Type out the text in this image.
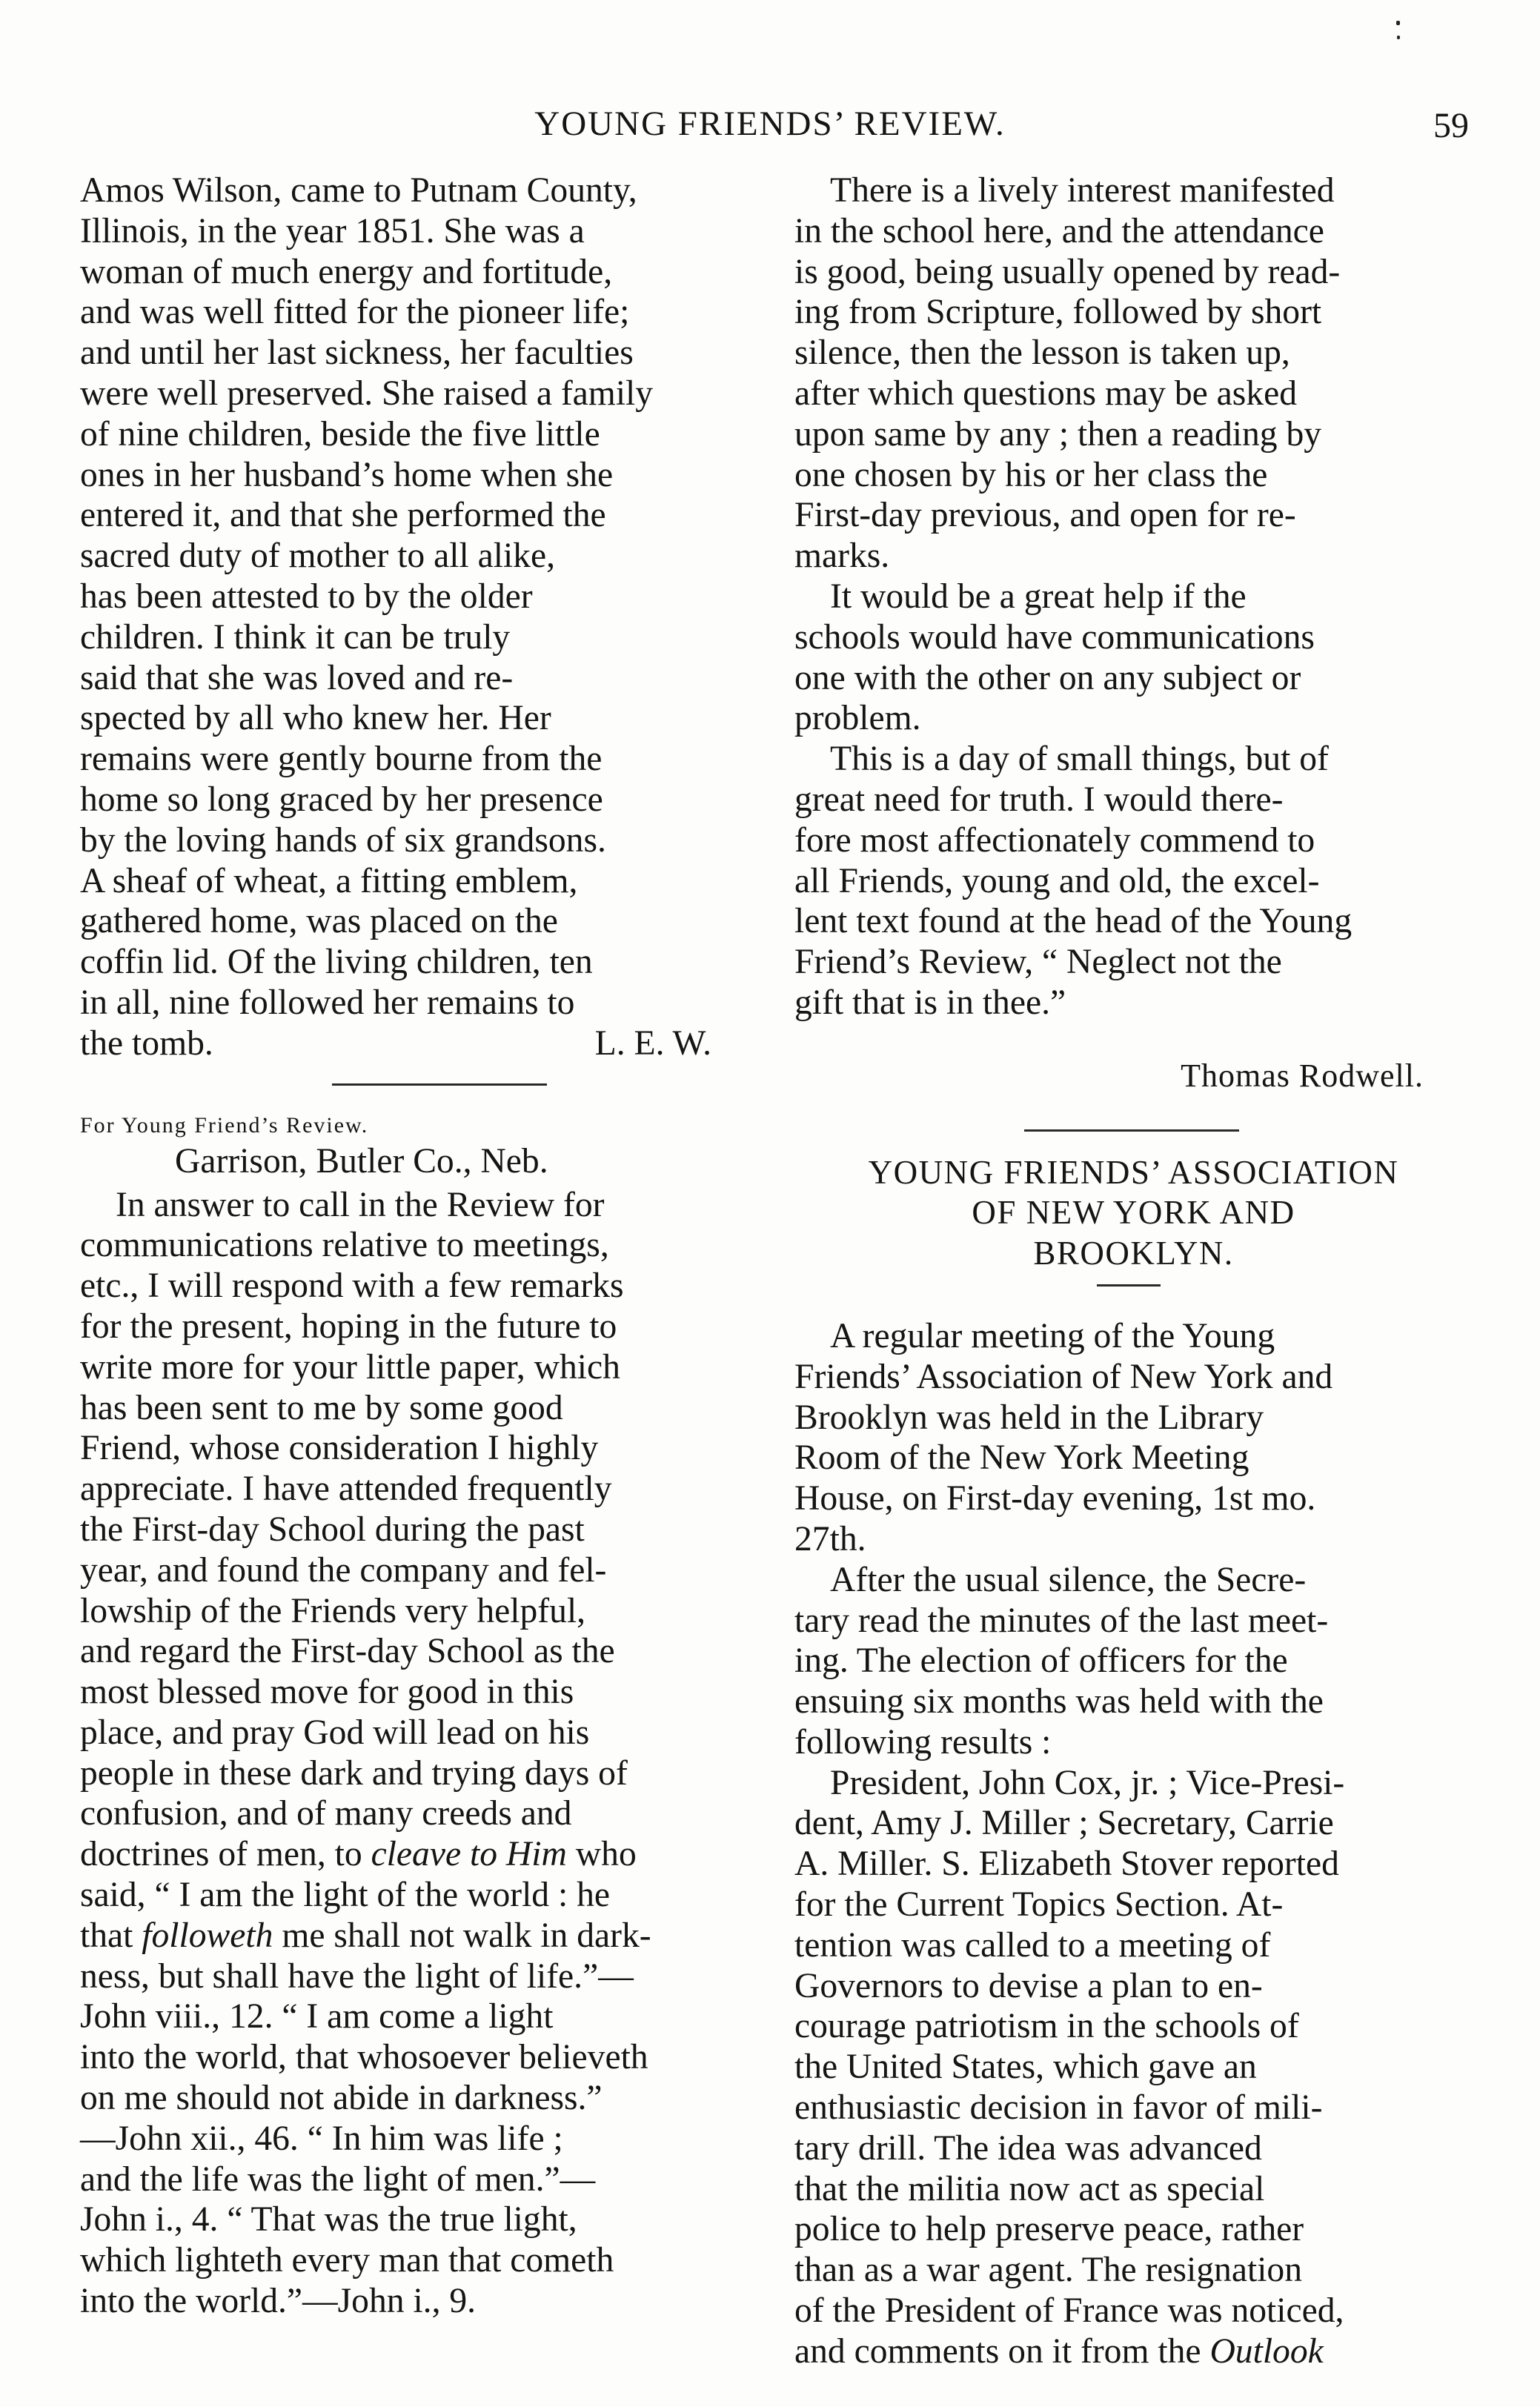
YOUNG FRIENDS’ REVIEW.	59

Amos Wilson, came to Putnam County,

Illinois, in the year 1851. She was a

woman of much energy and fortitude,

and was well fitted for the pioneer life;

and until her last sickness, her faculties

were well preserved. She raised a family

of nine children, beside the five little

ones in her husband’s home when she

entered it, and that she performed the

sacred duty of mother to all alike,

has been attested to by the older

children. I think it can be truly

said that she was loved and re-

spected by all who knew her. Her

remains were gently bourne from the

home so long graced by her presence

by the loving hands of six grandsons.

A sheaf of wheat, a fitting emblem,

gathered home, was placed on the

coffin lid. Of the living children, ten

in all, nine followed her remains to

the tomb.	L. E. W.

For Young Friend’s Review.

Garrison, Butler Co., Neb.

In answer to call in the Review for

communications relative to meetings,

etc., I will respond with a few remarks

for the present, hoping in the future to

write more for your little paper, which

has been sent to me by some good

Friend, whose consideration I highly

appreciate. I have attended frequently

the First-day School during the past

year, and found the company and fel-

lowship of the Friends very helpful,

and regard the First-day School as the

most blessed move for good in this

place, and pray God will lead on his

people in these dark and trying days of

confusion, and of many creeds and

doctrines of men, to cleave to Him who

said, “ I am the light of the world : he

that followeth me shall not walk in dark-

ness, but shall have the light of life.”—

John viii., 12. “ I am come a light

into the world, that whosoever believeth

on me should not abide in darkness.”

—John xii., 46. “ In him was life ;

and the life was the light of men.”—

John i., 4. “ That was the true light,

which lighteth every man that cometh

into the world.”—John i., 9.

There is a lively interest manifested

in the school here, and the attendance

is good, being usually opened by read-

ing from Scripture, followed by short

silence, then the lesson is taken up,

after which questions may be asked

upon same by any ; then a reading by

one chosen by his or her class the

First-day previous, and open for re-

marks.

It would be a great help if the

schools would have communications

one with the other on any subject or

problem.

This is a day of small things, but of

great need for truth. I would there-

fore most affectionately commend to

all Friends, young and old, the excel-

lent text found at the head of the Young

Friend’s Review, “ Neglect not the

gift that is in thee.”

Thomas Rodwell.

YOUNG FRIENDS’ ASSOCIATION

OF NEW YORK AND

BROOKLYN.

A regular meeting of the Young

Friends’ Association of New York and

Brooklyn was held in the Library

Room of the New York Meeting

House, on First-day evening, 1st mo.

27th.

After the usual silence, the Secre-

tary read the minutes of the last meet-

ing. The election of officers for the

ensuing six months was held with the

following results :

President, John Cox, jr. ; Vice-Presi-

dent, Amy J. Miller ; Secretary, Carrie

A. Miller. S. Elizabeth Stover reported

for the Current Topics Section. At-

tention was called to a meeting of

Governors to devise a plan to en-

courage patriotism in the schools of

the United States, which gave an

enthusiastic decision in favor of mili-

tary drill. The idea was advanced

that the militia now act as special

police to help preserve peace, rather

than as a war agent. The resignation

of the President of France was noticed,

and comments on it from the Outlook
